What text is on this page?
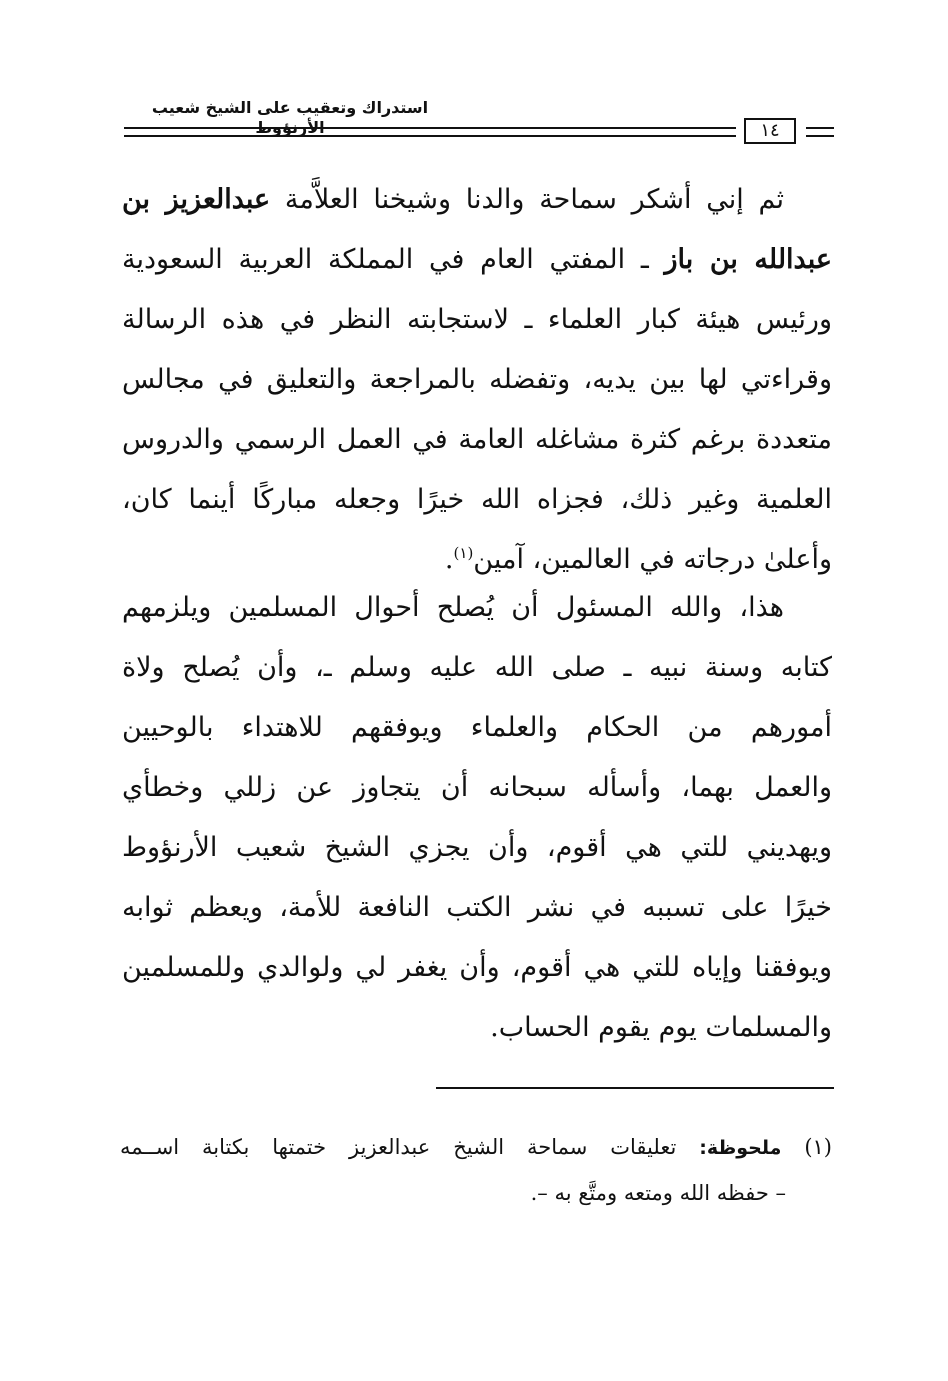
استدراك وتعقيب على الشيخ شعيب الأرنؤوط	١٤
ثم إني أشكر سماحة والدنا وشيخنا العلاَّمة عبدالعزيز بن
عبدالله بن باز ـ المفتي العام في المملكة العربية السعودية
ورئيس هيئة كبار العلماء ـ لاستجابته النظر في هذه الرسالة
وقراءتي لها بين يديه، وتفضله بالمراجعة والتعليق في مجالس
متعددة برغم كثرة مشاغله العامة في العمل الرسمي والدروس
العلمية وغير ذلك، فجزاه الله خيرًا وجعله مباركًا أينما كان،
وأعلىٰ درجاته في العالمين، آمين$^{(١)}$.
هذا، والله المسئول أن يُصلح أحوال المسلمين ويلزمهم
كتابه وسنة نبيه ـ صلى الله عليه وسلم ـ، وأن يُصلح ولاة
أمورهم من الحكام والعلماء ويوفقهم للاهتداء بالوحيين
والعمل بهما، وأسأله سبحانه أن يتجاوز عن زللي وخطأي
ويهديني للتي هي أقوم، وأن يجزي الشيخ شعيب الأرنؤوط
خيرًا على تسببه في نشر الكتب النافعة للأمة، ويعظم ثوابه
ويوفقنا وإياه للتي هي أقوم، وأن يغفر لي ولوالدي وللمسلمين
والمسلمات يوم يقوم الحساب.
(١) ملحوظة: تعليقات سماحة الشيخ عبدالعزيز ختمتها بكتابة اســمه
– حفظه الله ومتعه ومتَّع به –.
